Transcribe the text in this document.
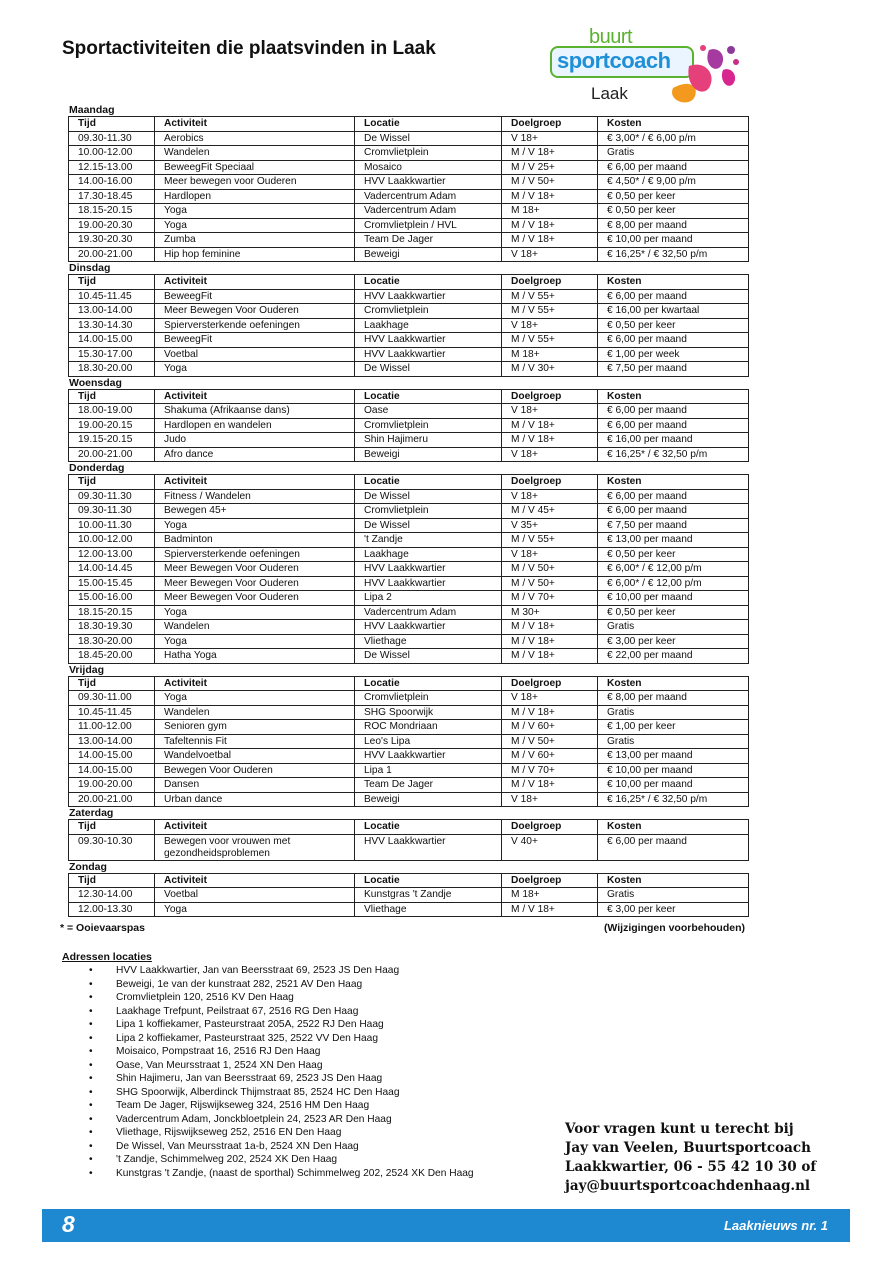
Sportactiviteiten die plaatsvinden in Laak
buurt
sportcoach
Laak
Maandag
Tijd	Activiteit	Locatie	Doelgroep	Kosten
09.30-11.30	Aerobics	De Wissel	V 18+	€ 3,00* / € 6,00 p/m
10.00-12.00	Wandelen	Cromvlietplein	M / V 18+	Gratis
12.15-13.00	BeweegFit Speciaal	Mosaico	M / V 25+	€ 6,00 per maand
14.00-16.00	Meer bewegen voor Ouderen	HVV Laakkwartier	M / V 50+	€ 4,50* / € 9,00 p/m
17.30-18.45	Hardlopen	Vadercentrum Adam	M / V 18+	€ 0,50 per keer
18.15-20.15	Yoga	Vadercentrum Adam	M 18+	€ 0,50 per keer
19.00-20.30	Yoga	Cromvlietplein / HVL	M / V 18+	€ 8,00 per maand
19.30-20.30	Zumba	Team De Jager	M / V 18+	€ 10,00 per maand
20.00-21.00	Hip hop feminine	Beweigi	V 18+	€ 16,25* / € 32,50 p/m
Dinsdag
Tijd	Activiteit	Locatie	Doelgroep	Kosten
10.45-11.45	BeweegFit	HVV Laakkwartier	M / V 55+	€ 6,00 per maand
13.00-14.00	Meer Bewegen Voor Ouderen	Cromvlietplein	M / V 55+	€ 16,00 per kwartaal
13.30-14.30	Spierversterkende oefeningen	Laakhage	V 18+	€ 0,50 per keer
14.00-15.00	BeweegFit	HVV Laakkwartier	M / V 55+	€ 6,00 per maand
15.30-17.00	Voetbal	HVV Laakkwartier	M 18+	€ 1,00 per week
18.30-20.00	Yoga	De Wissel	M / V 30+	€ 7,50 per maand
Woensdag
Tijd	Activiteit	Locatie	Doelgroep	Kosten
18.00-19.00	Shakuma (Afrikaanse dans)	Oase	V 18+	€ 6,00 per maand
19.00-20.15	Hardlopen en wandelen	Cromvlietplein	M / V 18+	€ 6,00 per maand
19.15-20.15	Judo	Shin Hajimeru	M / V 18+	€ 16,00 per maand
20.00-21.00	Afro dance	Beweigi	V 18+	€ 16,25* / € 32,50 p/m
Donderdag
Tijd	Activiteit	Locatie	Doelgroep	Kosten
09.30-11.30	Fitness / Wandelen	De Wissel	V 18+	€ 6,00 per maand
09.30-11.30	Bewegen 45+	Cromvlietplein	M / V 45+	€ 6,00 per maand
10.00-11.30	Yoga	De Wissel	V 35+	€ 7,50 per maand
10.00-12.00	Badminton	't Zandje	M / V 55+	€ 13,00 per maand
12.00-13.00	Spierversterkende oefeningen	Laakhage	V 18+	€ 0,50 per keer
14.00-14.45	Meer Bewegen Voor Ouderen	HVV Laakkwartier	M / V 50+	€ 6,00* / € 12,00 p/m
15.00-15.45	Meer Bewegen Voor Ouderen	HVV Laakkwartier	M / V 50+	€ 6,00* / € 12,00 p/m
15.00-16.00	Meer Bewegen Voor Ouderen	Lipa 2	M / V 70+	€ 10,00 per maand
18.15-20.15	Yoga	Vadercentrum Adam	M 30+	€ 0,50 per keer
18.30-19.30	Wandelen	HVV Laakkwartier	M / V 18+	Gratis
18.30-20.00	Yoga	Vliethage	M / V 18+	€ 3,00 per keer
18.45-20.00	Hatha Yoga	De Wissel	M / V 18+	€ 22,00 per maand
Vrijdag
Tijd	Activiteit	Locatie	Doelgroep	Kosten
09.30-11.00	Yoga	Cromvlietplein	V 18+	€ 8,00 per maand
10.45-11.45	Wandelen	SHG Spoorwijk	M / V 18+	Gratis
11.00-12.00	Senioren gym	ROC Mondriaan	M / V 60+	€ 1,00 per keer
13.00-14.00	Tafeltennis Fit	Leo's Lipa	M / V 50+	Gratis
14.00-15.00	Wandelvoetbal	HVV Laakkwartier	M / V 60+	€ 13,00 per maand
14.00-15.00	Bewegen Voor Ouderen	Lipa 1	M / V 70+	€ 10,00 per maand
19.00-20.00	Dansen	Team De Jager	M / V 18+	€ 10,00 per maand
20.00-21.00	Urban dance	Beweigi	V 18+	€ 16,25* / € 32,50 p/m
Zaterdag
Tijd	Activiteit	Locatie	Doelgroep	Kosten
09.30-10.30	Bewegen voor vrouwen met gezondheidsproblemen	HVV Laakkwartier	V 40+	€ 6,00 per maand
Zondag
Tijd	Activiteit	Locatie	Doelgroep	Kosten
12.30-14.00	Voetbal	Kunstgras 't Zandje	M 18+	Gratis
12.00-13.30	Yoga	Vliethage	M / V 18+	€ 3,00 per keer
* = Ooievaarspas	(Wijzigingen voorbehouden)
Adressen locaties
• HVV Laakkwartier, Jan van Beersstraat 69, 2523 JS Den Haag
• Beweigi, 1e van der kunstraat 282, 2521 AV Den Haag
• Cromvlietplein 120, 2516 KV Den Haag
• Laakhage Trefpunt, Peilstraat 67, 2516 RG Den Haag
• Lipa 1 koffiekamer, Pasteurstraat 205A, 2522 RJ Den Haag
• Lipa 2 koffiekamer, Pasteurstraat 325, 2522 VV Den Haag
• Moisaico, Pompstraat 16, 2516 RJ Den Haag
• Oase, Van Meursstraat 1, 2524 XN Den Haag
• Shin Hajimeru, Jan van Beersstraat 69, 2523 JS Den Haag
• SHG Spoorwijk, Alberdinck Thijmstraat 85, 2524 HC Den Haag
• Team De Jager, Rijswijkseweg 324, 2516 HM Den Haag
• Vadercentrum Adam, Jonckbloetplein 24, 2523 AR Den Haag
• Vliethage, Rijswijkseweg 252, 2516 EN Den Haag
• De Wissel, Van Meursstraat 1a-b, 2524 XN Den Haag
• 't Zandje, Schimmelweg 202, 2524 XK Den Haag
• Kunstgras 't Zandje, (naast de sporthal) Schimmelweg 202, 2524 XK Den Haag
Voor vragen kunt u terecht bij
Jay van Veelen, Buurtsportcoach
Laakkwartier, 06 - 55 42 10 30 of
jay@buurtsportcoachdenhaag.nl
8	Laaknieuws nr. 1
